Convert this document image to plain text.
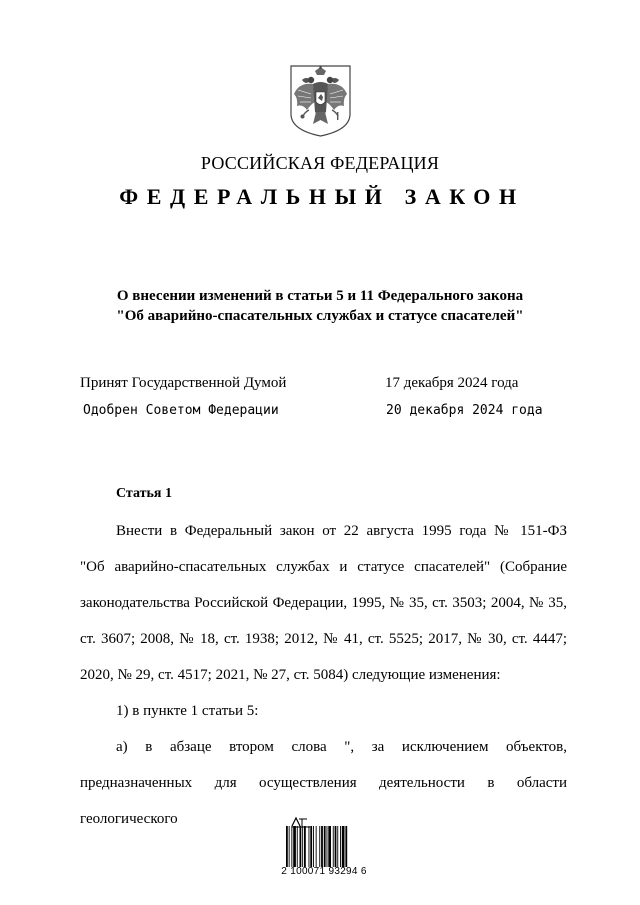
РОССИЙСКАЯ ФЕДЕРАЦИЯ
ФЕДЕРАЛЬНЫЙ ЗАКОН
О внесении изменений в статьи 5 и 11 Федерального закона
"Об аварийно-спасательных службах и статусе спасателей"
Принят Государственной Думой	17 декабря 2024 года
Одобрен Советом Федерации	20 декабря 2024 года
Статья 1

Внести в Федеральный закон от 22 августа 1995 года № 151-ФЗ

"Об аварийно-спасательных службах и статусе спасателей" (Собрание

законодательства Российской Федерации, 1995, № 35, ст. 3503; 2004, № 35,

ст. 3607; 2008, № 18, ст. 1938; 2012, № 41, ст. 5525; 2017, № 30, ст. 4447;

2020, № 29, ст. 4517; 2021, № 27, ст. 5084) следующие изменения:

1) в пункте 1 статьи 5:

а) в абзаце втором слова ", за исключением объектов,

предназначенных для осуществления деятельности в области геологического

2 100071 93294 6
